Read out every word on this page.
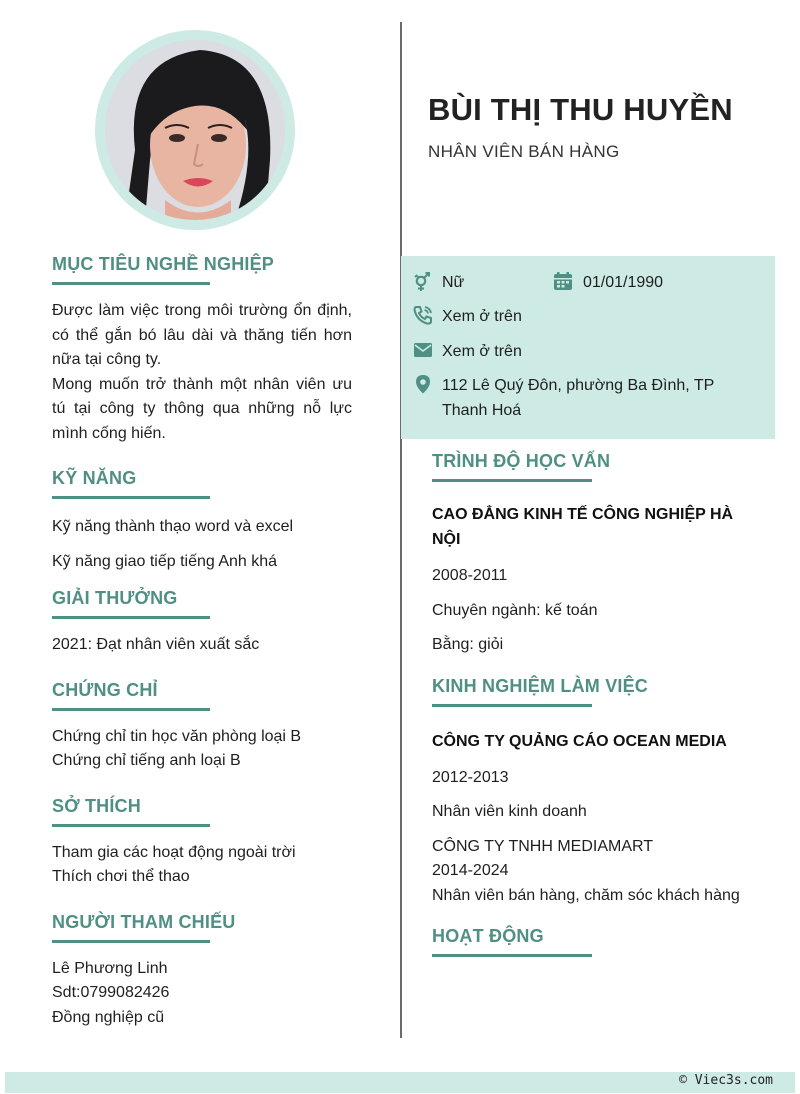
BÙI THỊ THU HUYỀN
NHÂN VIÊN BÁN HÀNG
Nữ	01/01/1990
Xem ở trên
Xem ở trên
112 Lê Quý Đôn, phường Ba Đình, TP
Thanh Hoá
MỤC TIÊU NGHỀ NGHIỆP
Được làm việc trong môi trường ổn định, có thể gắn bó lâu dài và thăng tiến hơn nữa tại công ty.
Mong muốn trở thành một nhân viên ưu tú tại công ty thông qua những nỗ lực mình cống hiến.
KỸ NĂNG
Kỹ năng thành thạo word và excel
Kỹ năng giao tiếp tiếng Anh khá
GIẢI THƯỞNG
2021: Đạt nhân viên xuất sắc
CHỨNG CHỈ
Chứng chỉ tin học văn phòng loại B
Chứng chỉ tiếng anh loại B
SỞ THÍCH
Tham gia các hoạt động ngoài trời
Thích chơi thể thao
NGƯỜI THAM CHIẾU
Lê Phương Linh
Sdt:0799082426
Đồng nghiệp cũ
TRÌNH ĐỘ HỌC VẤN
CAO ĐẲNG KINH TẾ CÔNG NGHIỆP HÀ NỘI
2008-2011
Chuyên ngành: kế toán
Bằng: giỏi
KINH NGHIỆM LÀM VIỆC
CÔNG TY QUẢNG CÁO OCEAN MEDIA
2012-2013
Nhân viên kinh doanh
CÔNG TY TNHH MEDIAMART
2014-2024
Nhân viên bán hàng, chăm sóc khách hàng
HOẠT ĐỘNG
© Viec3s.com
